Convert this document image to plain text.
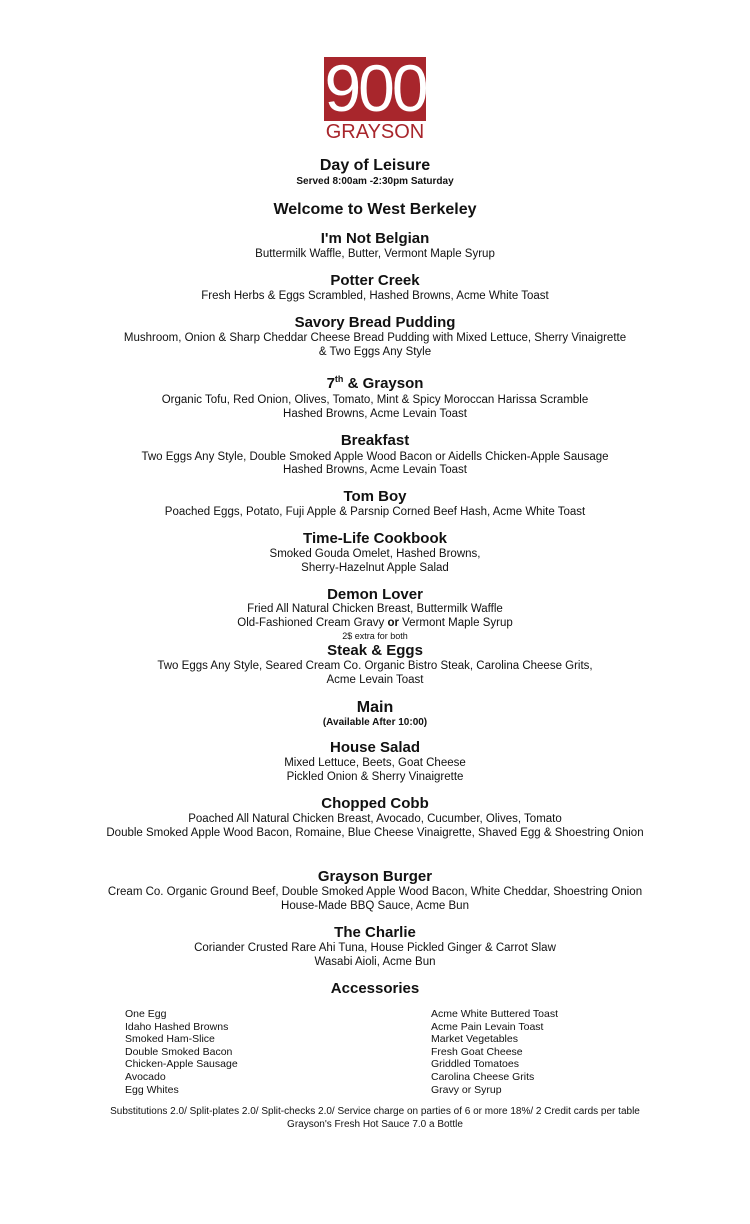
900
GRAYSON
Day of Leisure
Served 8:00am -2:30pm Saturday
Welcome to West Berkeley
I'm Not Belgian
Buttermilk Waffle, Butter, Vermont Maple Syrup
Potter Creek
Fresh Herbs & Eggs Scrambled, Hashed Browns, Acme White Toast
Savory Bread Pudding
Mushroom, Onion & Sharp Cheddar Cheese Bread Pudding with Mixed Lettuce, Sherry Vinaigrette
& Two Eggs Any Style
7th & Grayson
Organic Tofu, Red Onion, Olives, Tomato, Mint & Spicy Moroccan Harissa Scramble
Hashed Browns, Acme Levain Toast
Breakfast
Two Eggs Any Style, Double Smoked Apple Wood Bacon or Aidells Chicken-Apple Sausage
Hashed Browns, Acme Levain Toast
Tom Boy
Poached Eggs, Potato, Fuji Apple & Parsnip Corned Beef Hash, Acme White Toast
Time-Life Cookbook
Smoked Gouda Omelet, Hashed Browns,
Sherry-Hazelnut Apple Salad
Demon Lover
Fried All Natural Chicken Breast, Buttermilk Waffle
Old-Fashioned Cream Gravy or Vermont Maple Syrup
2$ extra for both
Steak & Eggs
Two Eggs Any Style, Seared Cream Co. Organic Bistro Steak, Carolina Cheese Grits,
Acme Levain Toast
Main
(Available After 10:00)
House Salad
Mixed Lettuce, Beets, Goat Cheese
Pickled Onion & Sherry Vinaigrette
Chopped Cobb
Poached All Natural Chicken Breast, Avocado, Cucumber, Olives, Tomato
Double Smoked Apple Wood Bacon, Romaine, Blue Cheese Vinaigrette, Shaved Egg & Shoestring Onion
Grayson Burger
Cream Co. Organic Ground Beef, Double Smoked Apple Wood Bacon, White Cheddar, Shoestring Onion
House-Made BBQ Sauce, Acme Bun
The Charlie
Coriander Crusted Rare Ahi Tuna, House Pickled Ginger & Carrot Slaw
Wasabi Aioli, Acme Bun
Accessories
One Egg
Idaho Hashed Browns
Smoked Ham-Slice
Double Smoked Bacon
Chicken-Apple Sausage
Avocado
Egg Whites
Acme White Buttered Toast
Acme Pain Levain Toast
Market Vegetables
Fresh Goat Cheese
Griddled Tomatoes
Carolina Cheese Grits
Gravy or Syrup
Substitutions 2.0/ Split-plates 2.0/ Split-checks 2.0/ Service charge on parties of 6 or more 18%/ 2 Credit cards per table
Grayson's Fresh Hot Sauce 7.0 a Bottle
